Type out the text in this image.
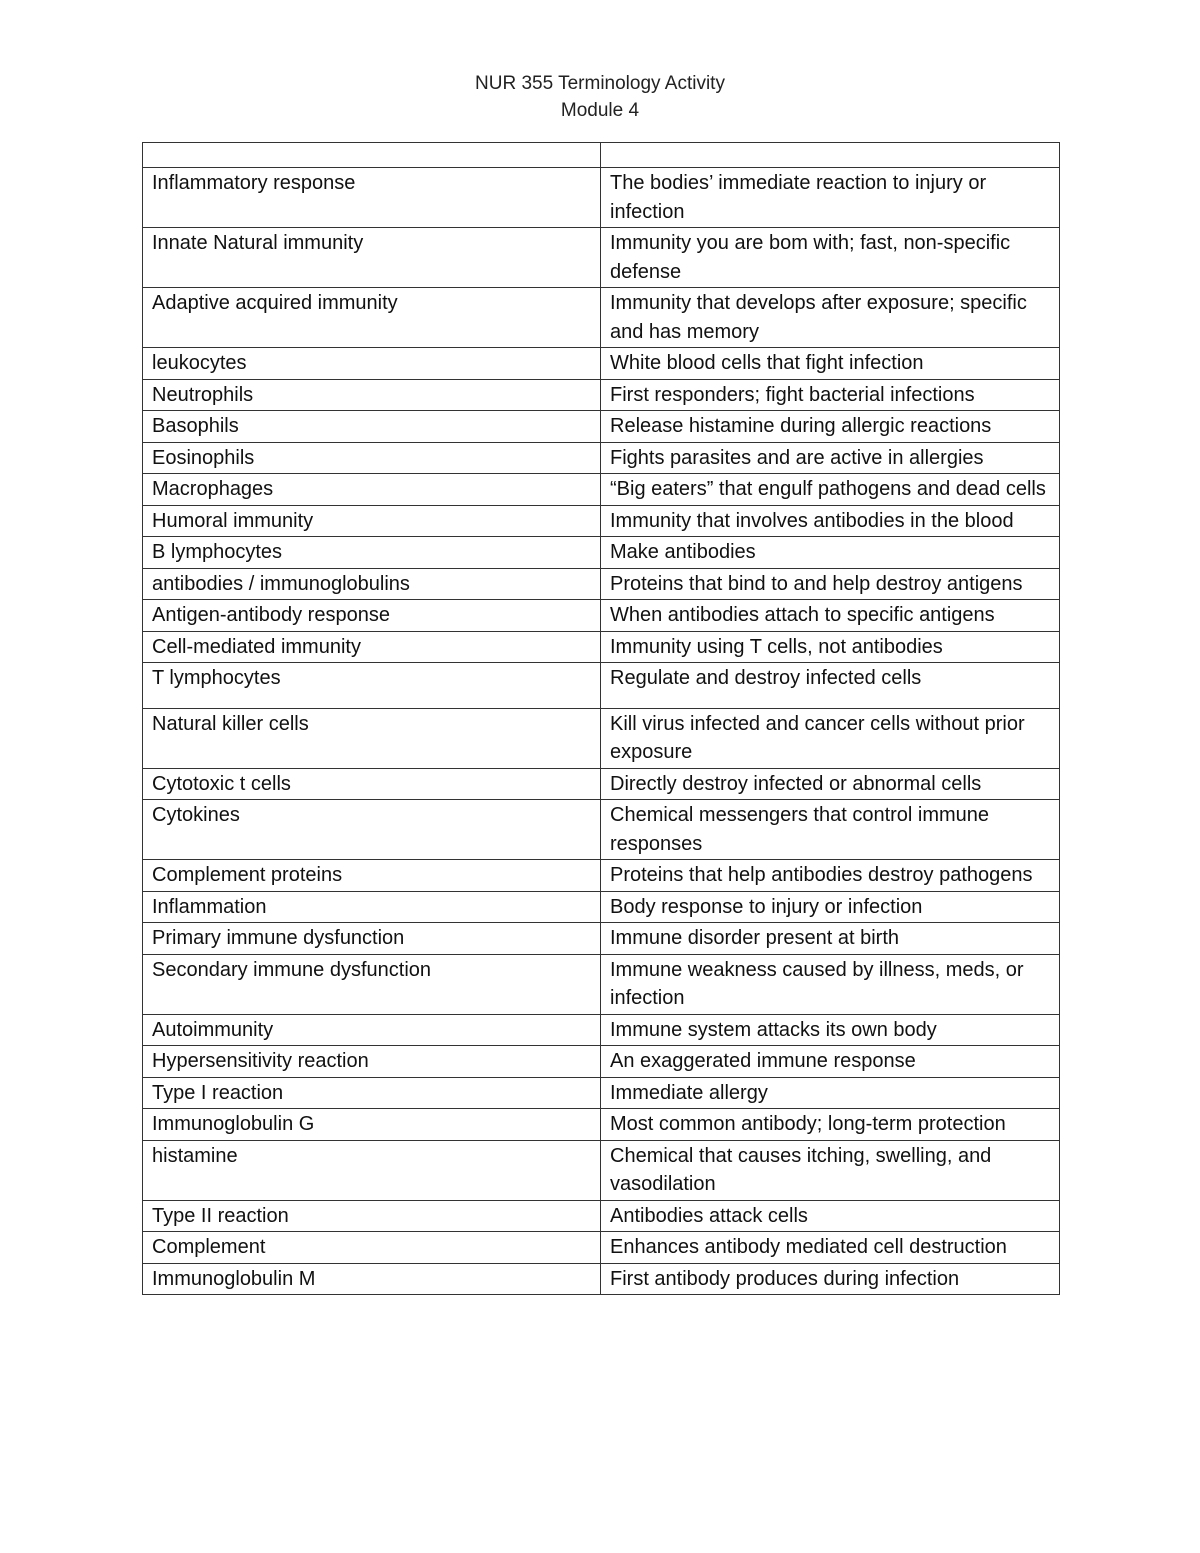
NUR 355 Terminology Activity
Module 4

Inflammatory response	The bodies’ immediate reaction to injury or infection
Innate Natural immunity	Immunity you are bom with; fast, non-specific defense
Adaptive acquired immunity	Immunity that develops after exposure; specific and has memory
leukocytes	White blood cells that fight infection
Neutrophils	First responders; fight bacterial infections
Basophils	Release histamine during allergic reactions
Eosinophils	Fights parasites and are active in allergies
Macrophages	“Big eaters” that engulf pathogens and dead cells
Humoral immunity	Immunity that involves antibodies in the blood
B lymphocytes	Make antibodies
antibodies / immunoglobulins	Proteins that bind to and help destroy antigens
Antigen-antibody response	When antibodies attach to specific antigens
Cell-mediated immunity	Immunity using T cells, not antibodies
T lymphocytes	Regulate and destroy infected cells
Natural killer cells	Kill virus infected and cancer cells without prior exposure
Cytotoxic t cells	Directly destroy infected or abnormal cells
Cytokines	Chemical messengers that control immune responses
Complement proteins	Proteins that help antibodies destroy pathogens
Inflammation	Body response to injury or infection
Primary immune dysfunction	Immune disorder present at birth
Secondary immune dysfunction	Immune weakness caused by illness, meds, or infection
Autoimmunity	Immune system attacks its own body
Hypersensitivity reaction	An exaggerated immune response
Type I reaction	Immediate allergy
Immunoglobulin G	Most common antibody; long-term protection
histamine	Chemical that causes itching, swelling, and vasodilation
Type II reaction	Antibodies attack cells
Complement	Enhances antibody mediated cell destruction
Immunoglobulin M	First antibody produces during infection
